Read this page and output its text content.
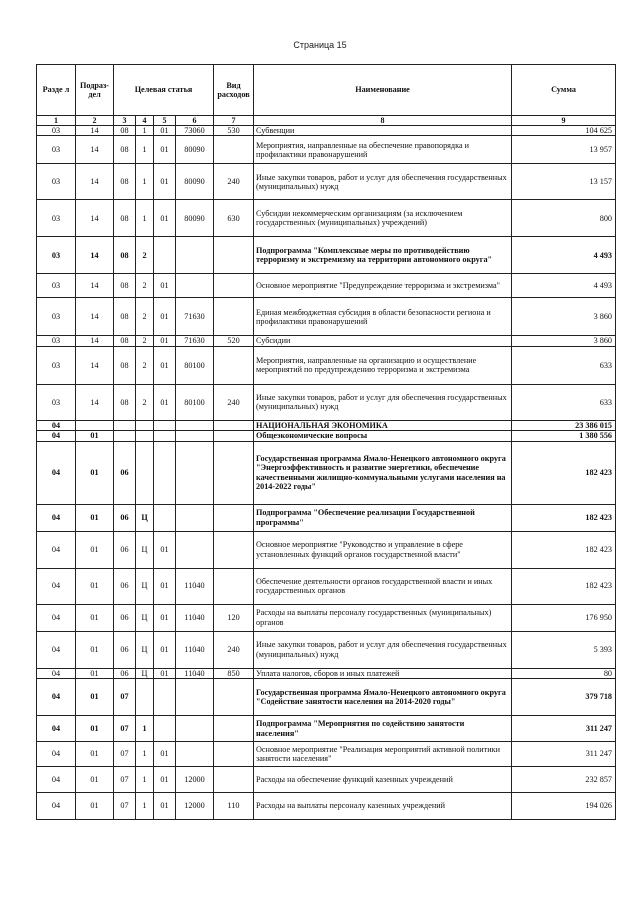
Страница 15
Разде л	Подраз-дел	Целевая статья				Вид расходов	Наименование	Сумма
1	2	3	4	5	6	7	8	9
03	14	08	1	01	73060	530	Субвенции	104 625
03	14	08	1	01	80090		Мероприятия, направленные на обеспечение правопорядка и профилактики правонарушений	13 957
03	14	08	1	01	80090	240	Иные закупки товаров, работ и услуг для обеспечения государственных (муниципальных) нужд	13 157
03	14	08	1	01	80090	630	Субсидии некоммерческим организациям (за исключением государственных (муниципальных) учреждений)	800
03	14	08	2				Подпрограмма "Комплексные меры по противодействию терроризму и экстремизму на территории автономного округа"	4 493
03	14	08	2	01			Основное мероприятие "Предупреждение терроризма и экстремизма"	4 493
03	14	08	2	01	71630		Единая межбюджетная субсидия в области безопасности региона и профилактики правонарушений	3 860
03	14	08	2	01	71630	520	Субсидии	3 860
03	14	08	2	01	80100		Мероприятия, направленные на организацию и осуществление мероприятий по предупреждению терроризма и экстремизма	633
03	14	08	2	01	80100	240	Иные закупки товаров, работ и услуг для обеспечения государственных (муниципальных) нужд	633
04							НАЦИОНАЛЬНАЯ ЭКОНОМИКА	23 386 015
04	01						Общеэкономические вопросы	1 380 556
04	01	06					Государственная программа Ямало-Ненецкого автономного округа "Энергоэффективность и развитие энергетики, обеспечение качественными жилищно-коммунальными услугами населения на 2014-2022 годы"	182 423
04	01	06	Ц				Подпрограмма "Обеспечение реализации Государственной программы"	182 423
04	01	06	Ц	01			Основное мероприятие "Руководство и управление в сфере установленных функций органов государственной власти"	182 423
04	01	06	Ц	01	11040		Обеспечение деятельности органов государственной власти и иных государственных органов	182 423
04	01	06	Ц	01	11040	120	Расходы на выплаты персоналу государственных (муниципальных) органов	176 950
04	01	06	Ц	01	11040	240	Иные закупки товаров, работ и услуг для обеспечения государственных (муниципальных) нужд	5 393
04	01	06	Ц	01	11040	850	Уплата налогов, сборов и иных платежей	80
04	01	07					Государственная программа Ямало-Ненецкого автономного округа "Содействие занятости населения на 2014-2020 годы"	379 718
04	01	07	1				Подпрограмма "Мероприятия по содействию занятости населения"	311 247
04	01	07	1	01			Основное мероприятие "Реализация мероприятий активной политики занятости населения"	311 247
04	01	07	1	01	12000		Расходы на обеспечение функций казенных учреждений	232 857
04	01	07	1	01	12000	110	Расходы на выплаты персоналу казенных учреждений	194 026
